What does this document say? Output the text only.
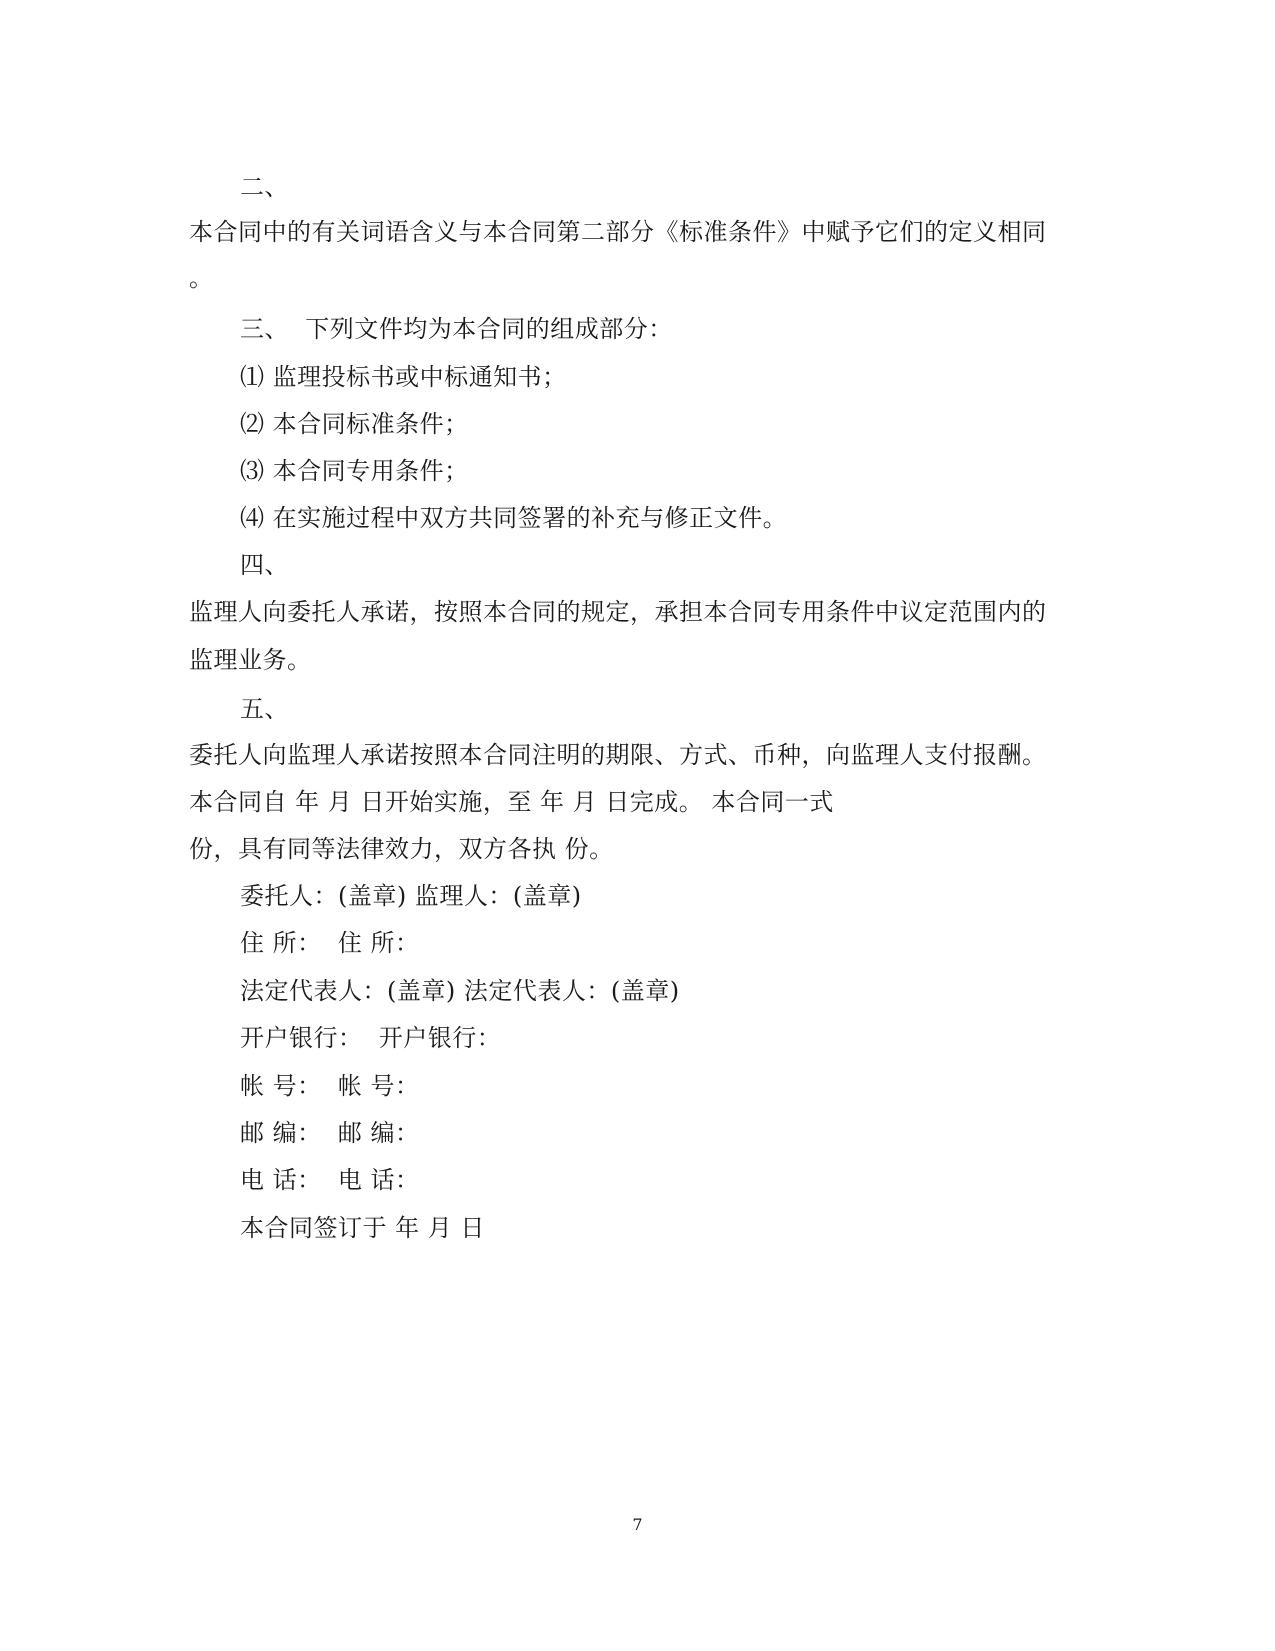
二、
本合同中的有关词语含义与本合同第二部分《标准条件》中赋予它们的定义相同
。
三、  下列文件均为本合同的组成部分：
⑴ 监理投标书或中标通知书；
⑵ 本合同标准条件；
⑶ 本合同专用条件；
⑷ 在实施过程中双方共同签署的补充与修正文件。
四、
监理人向委托人承诺，按照本合同的规定，承担本合同专用条件中议定范围内的
监理业务。
五、
委托人向监理人承诺按照本合同注明的期限、方式、币种，向监理人支付报酬。
本合同自 年 月 日开始实施，至 年 月 日完成。 本合同一式
份，具有同等法律效力，双方各执 份。
委托人：(盖章) 监理人：(盖章)
住 所：  住 所：
法定代表人：(盖章) 法定代表人：(盖章)
开户银行：  开户银行：
帐 号：  帐 号：
邮 编：  邮 编：
电 话：  电 话：
本合同签订于 年 月 日
7
